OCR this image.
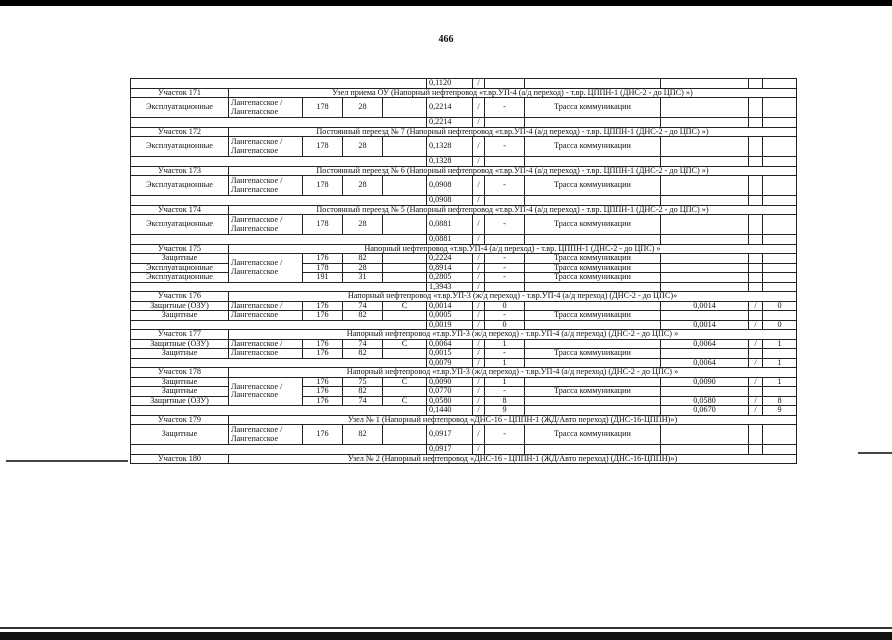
466
					0,1120	/					
Участок 171	Узел приема ОУ (Напорный нефтепровод «т.вр.УП-4 (а/д переход) - т.вр. ЦППН-1 (ДНС-2 - до ЦПС) »)										
Эксплуатационные	Лангепасское / Лангепасское	178	28		0,2214	/	-	Трасса коммуникации			
					0,2214	/					
Участок 172	Постоянный переезд № 7 (Напорный нефтепровод «т.вр.УП-4 (а/д переход) - т.вр. ЦППН-1 (ДНС-2 - до ЦПС) »)										
Эксплуатационные	Лангепасское / Лангепасское	178	28		0,1328	/	-	Трасса коммуникации			
					0,1328	/					
Участок 173	Постоянный переезд № 6 (Напорный нефтепровод «т.вр.УП-4 (а/д переход) - т.вр. ЦППН-1 (ДНС-2 - до ЦПС) »)										
Эксплуатационные	Лангепасское / Лангепасское	178	28		0,0908	/	-	Трасса коммуникации			
					0,0908	/					
Участок 174	Постоянный переезд № 5 (Напорный нефтепровод «т.вр.УП-4 (а/д переход) - т.вр. ЦППН-1 (ДНС-2 - до ЦПС) »)										
Эксплуатационные	Лангепасское / Лангепасское	178	28		0,0881	/	-	Трасса коммуникации			
					0,0881	/					
Участок 175	Напорный нефтепровод «т.вр.УП-4 (а/д переход) - т.вр. ЦППН-1 (ДНС-2 - до ЦПС) »										
Защитные	Лангепасское / Лангепасское	176	82		0,2224	/	-	Трасса коммуникации			
Эксплуатационные		178	28		0,8914	/	-	Трасса коммуникации			
Эксплуатационные		191	31		0,2805	/	-	Трасса коммуникации			
					1,3943	/					
Участок 176	Напорный нефтепровод «т.вр.УП-3 (ж/д переход) - т.вр.УП-4 (а/д переход) (ДНС-2 - до ЦПС)»										
Защитные (ОЗУ)	Лангепасское /	176	74	С	0,0014	/	0		0,0014	/	0
Защитные	Лангепасское	176	82		0,0005	/	-	Трасса коммуникации			
					0,0019	/	0		0,0014	/	0
Участок 177	Напорный нефтепровод «т.вр.УП-3 (ж/д переход) - т.вр.УП-4 (а/д переход) (ДНС-2 - до ЦПС) »										
Защитные (ОЗУ)	Лангепасское /	176	74	С	0,0064	/	1		0,0064	/	1
Защитные	Лангепасское	176	82		0,0015	/	-	Трасса коммуникации			
					0,0079	/	1		0,0064	/	1
Участок 178	Напорный нефтепровод «т.вр.УП-3 (ж/д переход) - т.вр.УП-4 (а/д переход) (ДНС-2 - до ЦПС) »										
Защитные	Лангепасское / Лангепасское	176	75	С	0,0090	/	1		0,0090	/	1
Защитные		176	82		0,0770	/	-	Трасса коммуникации			
Защитные (ОЗУ)		176	74	С	0,0580	/	8		0,0580	/	8
					0,1440	/	9		0,0670	/	9
Участок 179	Узел № 1 (Напорный нефтепровод «ДНС-16 - ЦППН-1 (ЖД/Авто переход) (ДНС-16-ЦППН)»)										
Защитные	Лангепасское / Лангепасское	176	82		0,0917	/	-	Трасса коммуникации			
					0,0917	/					
Участок 180	Узел № 2 (Напорный нефтепровод «ДНС-16 - ЦППН-1 (ЖД/Авто переход) (ДНС-16-ЦППН)»)										
